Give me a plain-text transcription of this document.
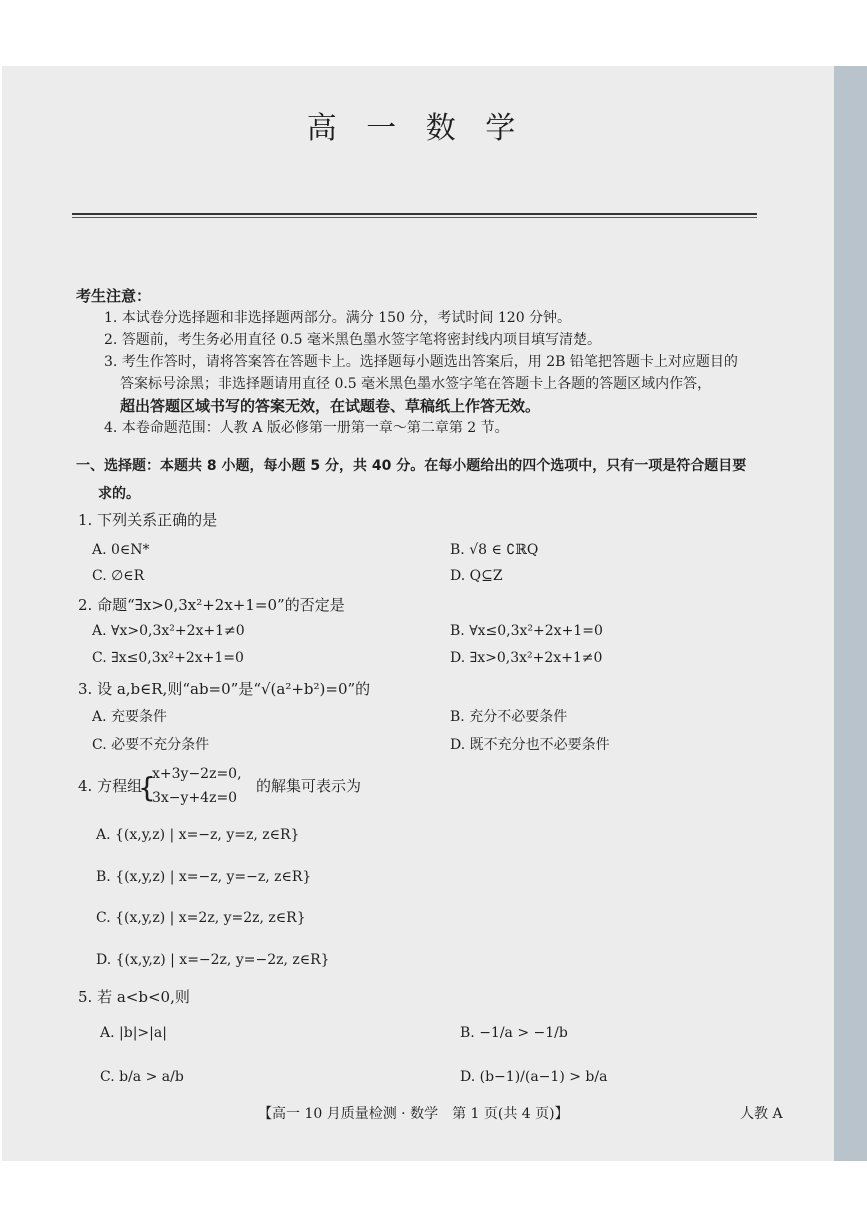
高 一 数 学
考生注意：
1. 本试卷分选择题和非选择题两部分。满分 150 分，考试时间 120 分钟。
2. 答题前，考生务必用直径 0.5 毫米黑色墨水签字笔将密封线内项目填写清楚。
3. 考生作答时，请将答案答在答题卡上。选择题每小题选出答案后，用 2B 铅笔把答题卡上对应题目的
答案标号涂黑；非选择题请用直径 0.5 毫米黑色墨水签字笔在答题卡上各题的答题区域内作答，
超出答题区域书写的答案无效，在试题卷、草稿纸上作答无效。
4. 本卷命题范围：人教 A 版必修第一册第一章～第二章第 2 节。
一、选择题：本题共 8 小题，每小题 5 分，共 40 分。在每小题给出的四个选项中，只有一项是符合题目要
求的。
1. 下列关系正确的是
A. 0∈N*	B. √8 ∈ ∁ℝQ
C. ∅∈R	D. Q⊆Z
2. 命题“∃x>0,3x²+2x+1=0”的否定是
A. ∀x>0,3x²+2x+1≠0	B. ∀x≤0,3x²+2x+1=0
C. ∃x≤0,3x²+2x+1=0	D. ∃x>0,3x²+2x+1≠0
3. 设 a,b∈R,则“ab=0”是“√(a²+b²)=0”的
A. 充要条件	B. 充分不必要条件
C. 必要不充分条件	D. 既不充分也不必要条件
4. 方程组
{
x+3y−2z=0,
3x−y+4z=0
的解集可表示为
A. {(x,y,z) | x=−z, y=z, z∈R}
B. {(x,y,z) | x=−z, y=−z, z∈R}
C. {(x,y,z) | x=2z, y=2z, z∈R}
D. {(x,y,z) | x=−2z, y=−2z, z∈R}
5. 若 a<b<0,则
A. |b|>|a|	B. −1/a > −1/b
C. b/a > a/b	D. (b−1)/(a−1) > b/a
【高一 10 月质量检测 · 数学　第 1 页(共 4 页)】	人教 A
